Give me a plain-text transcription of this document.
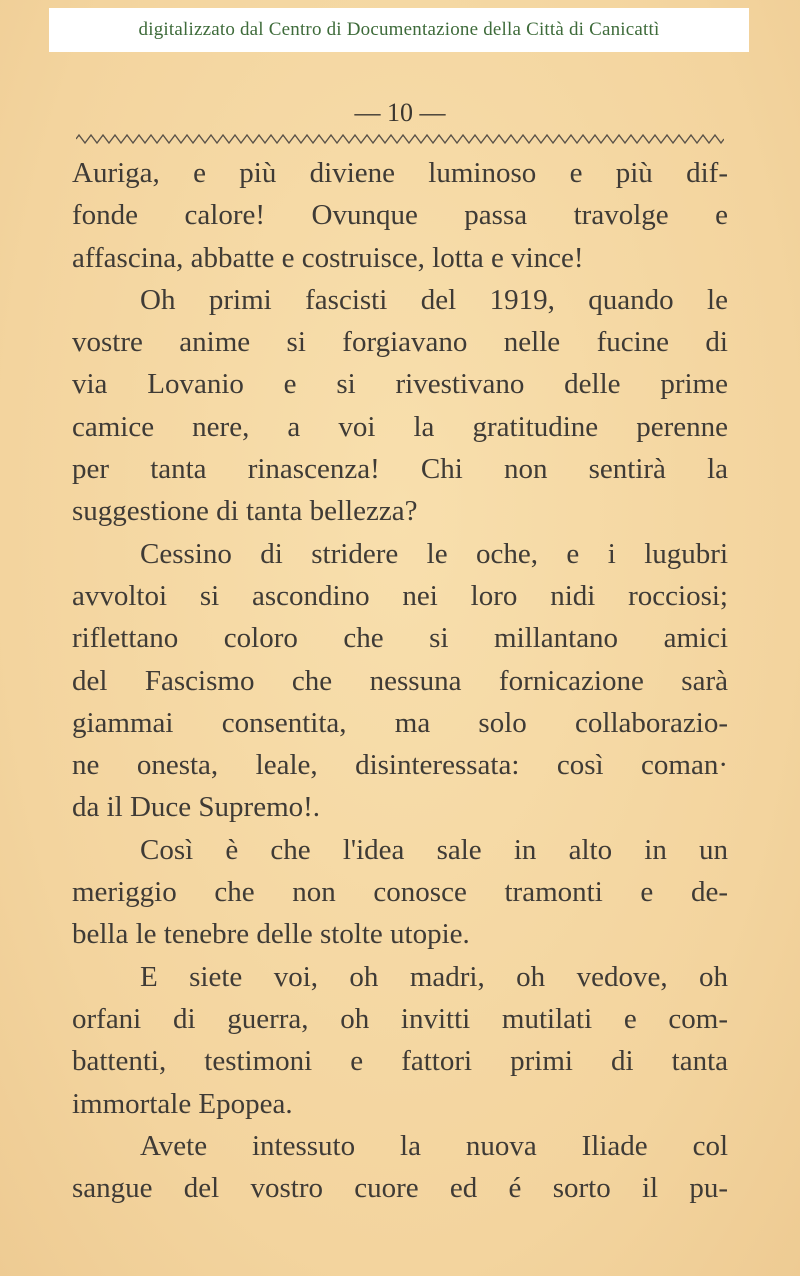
digitalizzato dal Centro di Documentazione della Città di Canicattì
— 10 —
Auriga, e più diviene luminoso e più dif-
fonde calore! Ovunque passa travolge e
affascina, abbatte e costruisce, lotta e vince!
Oh primi fascisti del 1919, quando le
vostre anime si forgiavano nelle fucine di
via Lovanio e si rivestivano delle prime
camice nere, a voi la gratitudine perenne
per tanta rinascenza! Chi non sentirà la
suggestione di tanta bellezza?
Cessino di stridere le oche, e i lugubri
avvoltoi si ascondino nei loro nidi rocciosi;
riflettano coloro che si millantano amici
del Fascismo che nessuna fornicazione sarà
giammai consentita, ma solo collaborazio-
ne onesta, leale, disinteressata: così coman·
da il Duce Supremo!.
Così è che l'idea sale in alto in un
meriggio che non conosce tramonti e de-
bella le tenebre delle stolte utopie.
E siete voi, oh madri, oh vedove, oh
orfani di guerra, oh invitti mutilati e com-
battenti, testimoni e fattori primi di tanta
immortale Epopea.
Avete intessuto la nuova Iliade col
sangue del vostro cuore ed é sorto il pu-
